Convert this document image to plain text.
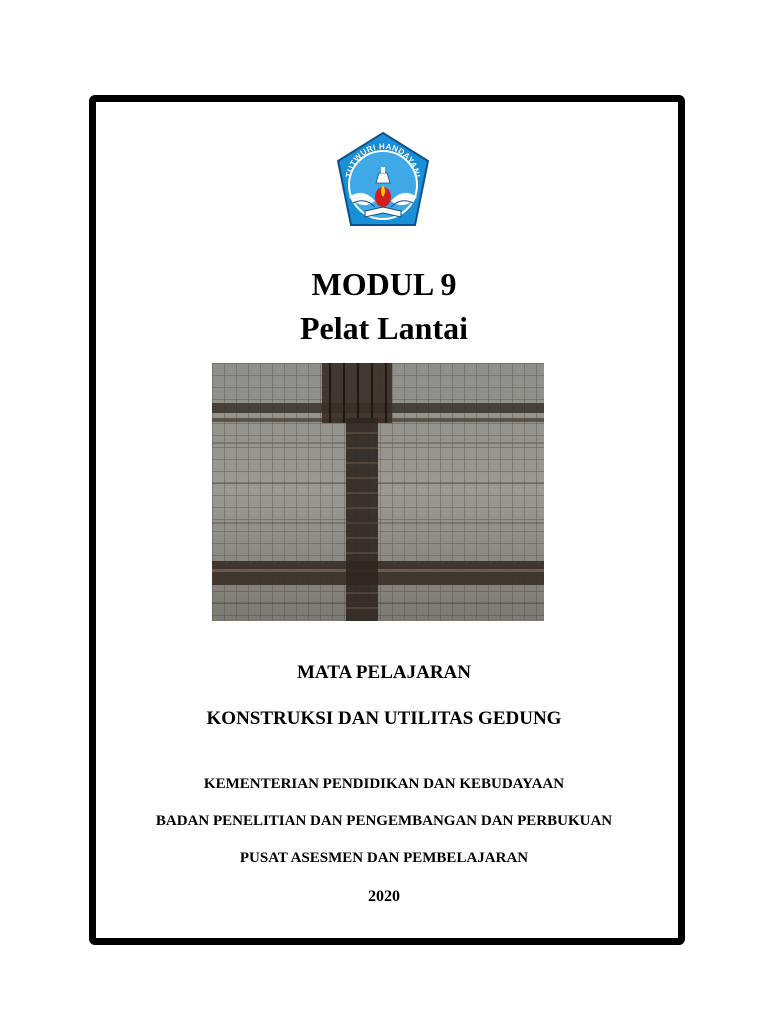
TUTWURI HANDAYANI
MODUL 9
Pelat Lantai
MATA PELAJARAN
KONSTRUKSI DAN UTILITAS GEDUNG
KEMENTERIAN PENDIDIKAN DAN KEBUDAYAAN
BADAN PENELITIAN DAN PENGEMBANGAN DAN PERBUKUAN
PUSAT ASESMEN DAN PEMBELAJARAN
2020
